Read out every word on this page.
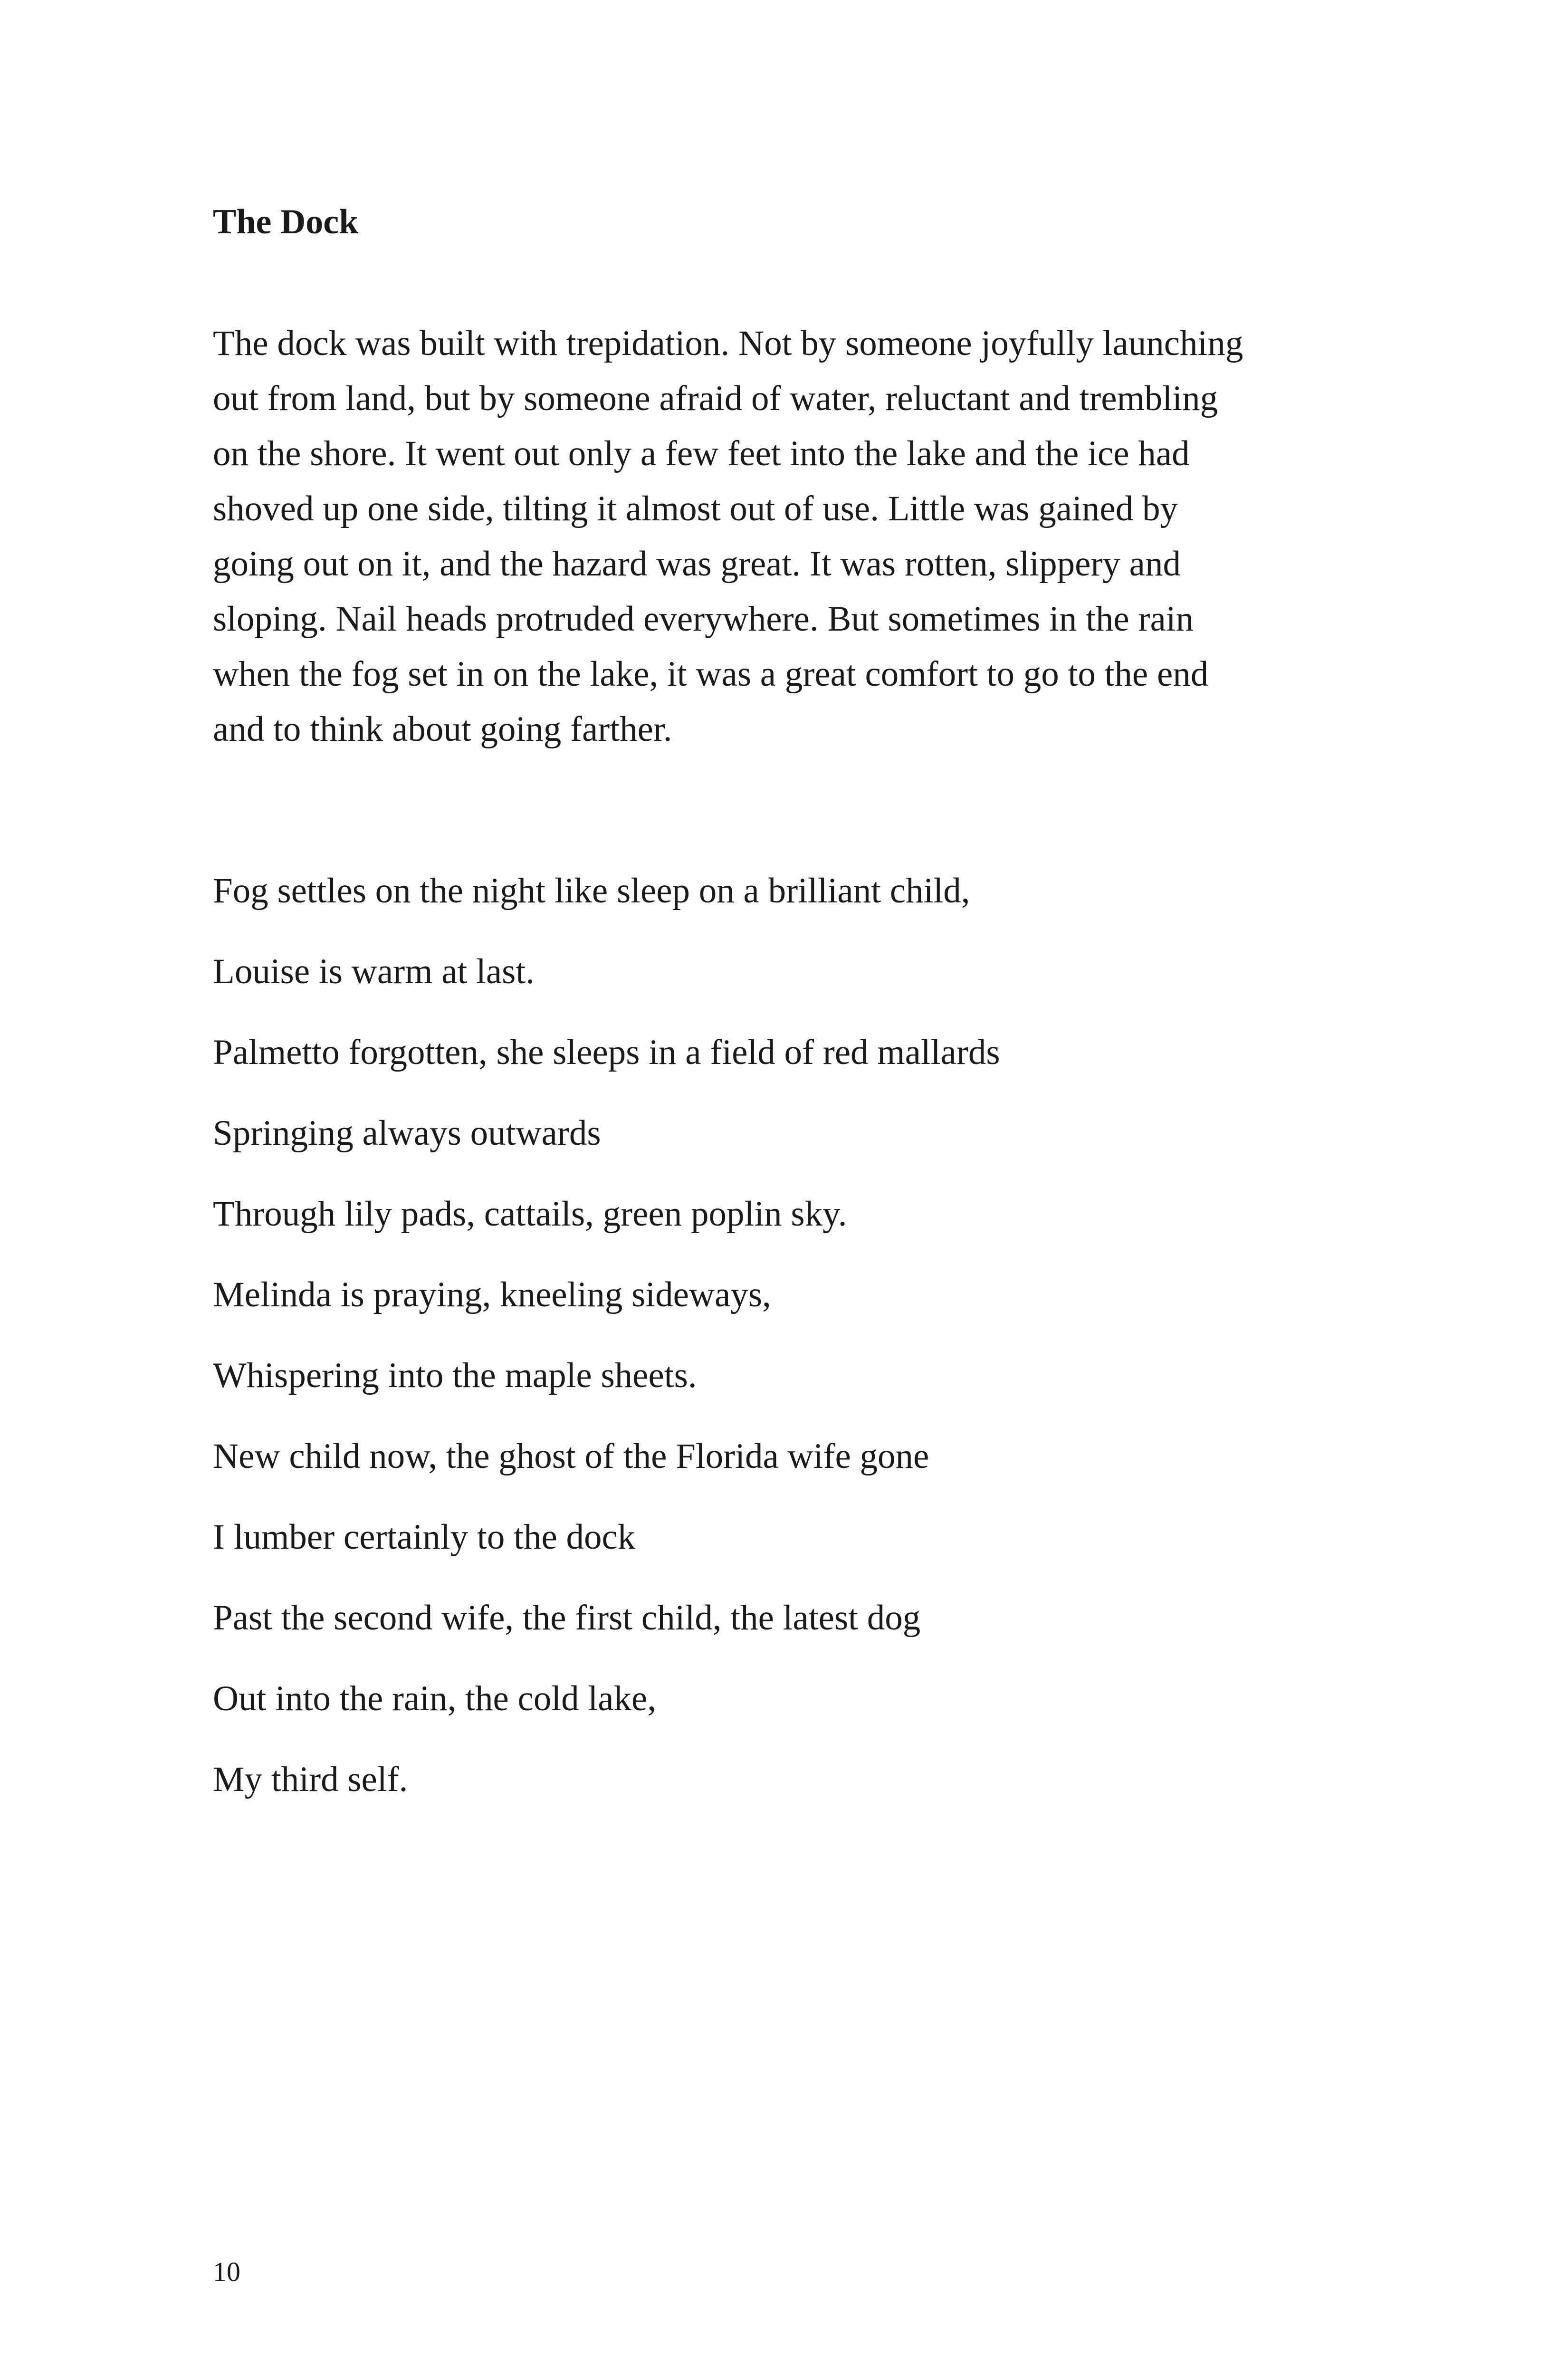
The Dock
The dock was built with trepidation. Not by someone joyfully launching
out from land, but by someone afraid of water, reluctant and trembling
on the shore. It went out only a few feet into the lake and the ice had
shoved up one side, tilting it almost out of use. Little was gained by
going out on it, and the hazard was great. It was rotten, slippery and
sloping. Nail heads protruded everywhere. But sometimes in the rain
when the fog set in on the lake, it was a great comfort to go to the end
and to think about going farther.
Fog settles on the night like sleep on a brilliant child,
Louise is warm at last.
Palmetto forgotten, she sleeps in a field of red mallards
Springing always outwards
Through lily pads, cattails, green poplin sky.
Melinda is praying, kneeling sideways,
Whispering into the maple sheets.
New child now, the ghost of the Florida wife gone
I lumber certainly to the dock
Past the second wife, the first child, the latest dog
Out into the rain, the cold lake,
My third self.
10
